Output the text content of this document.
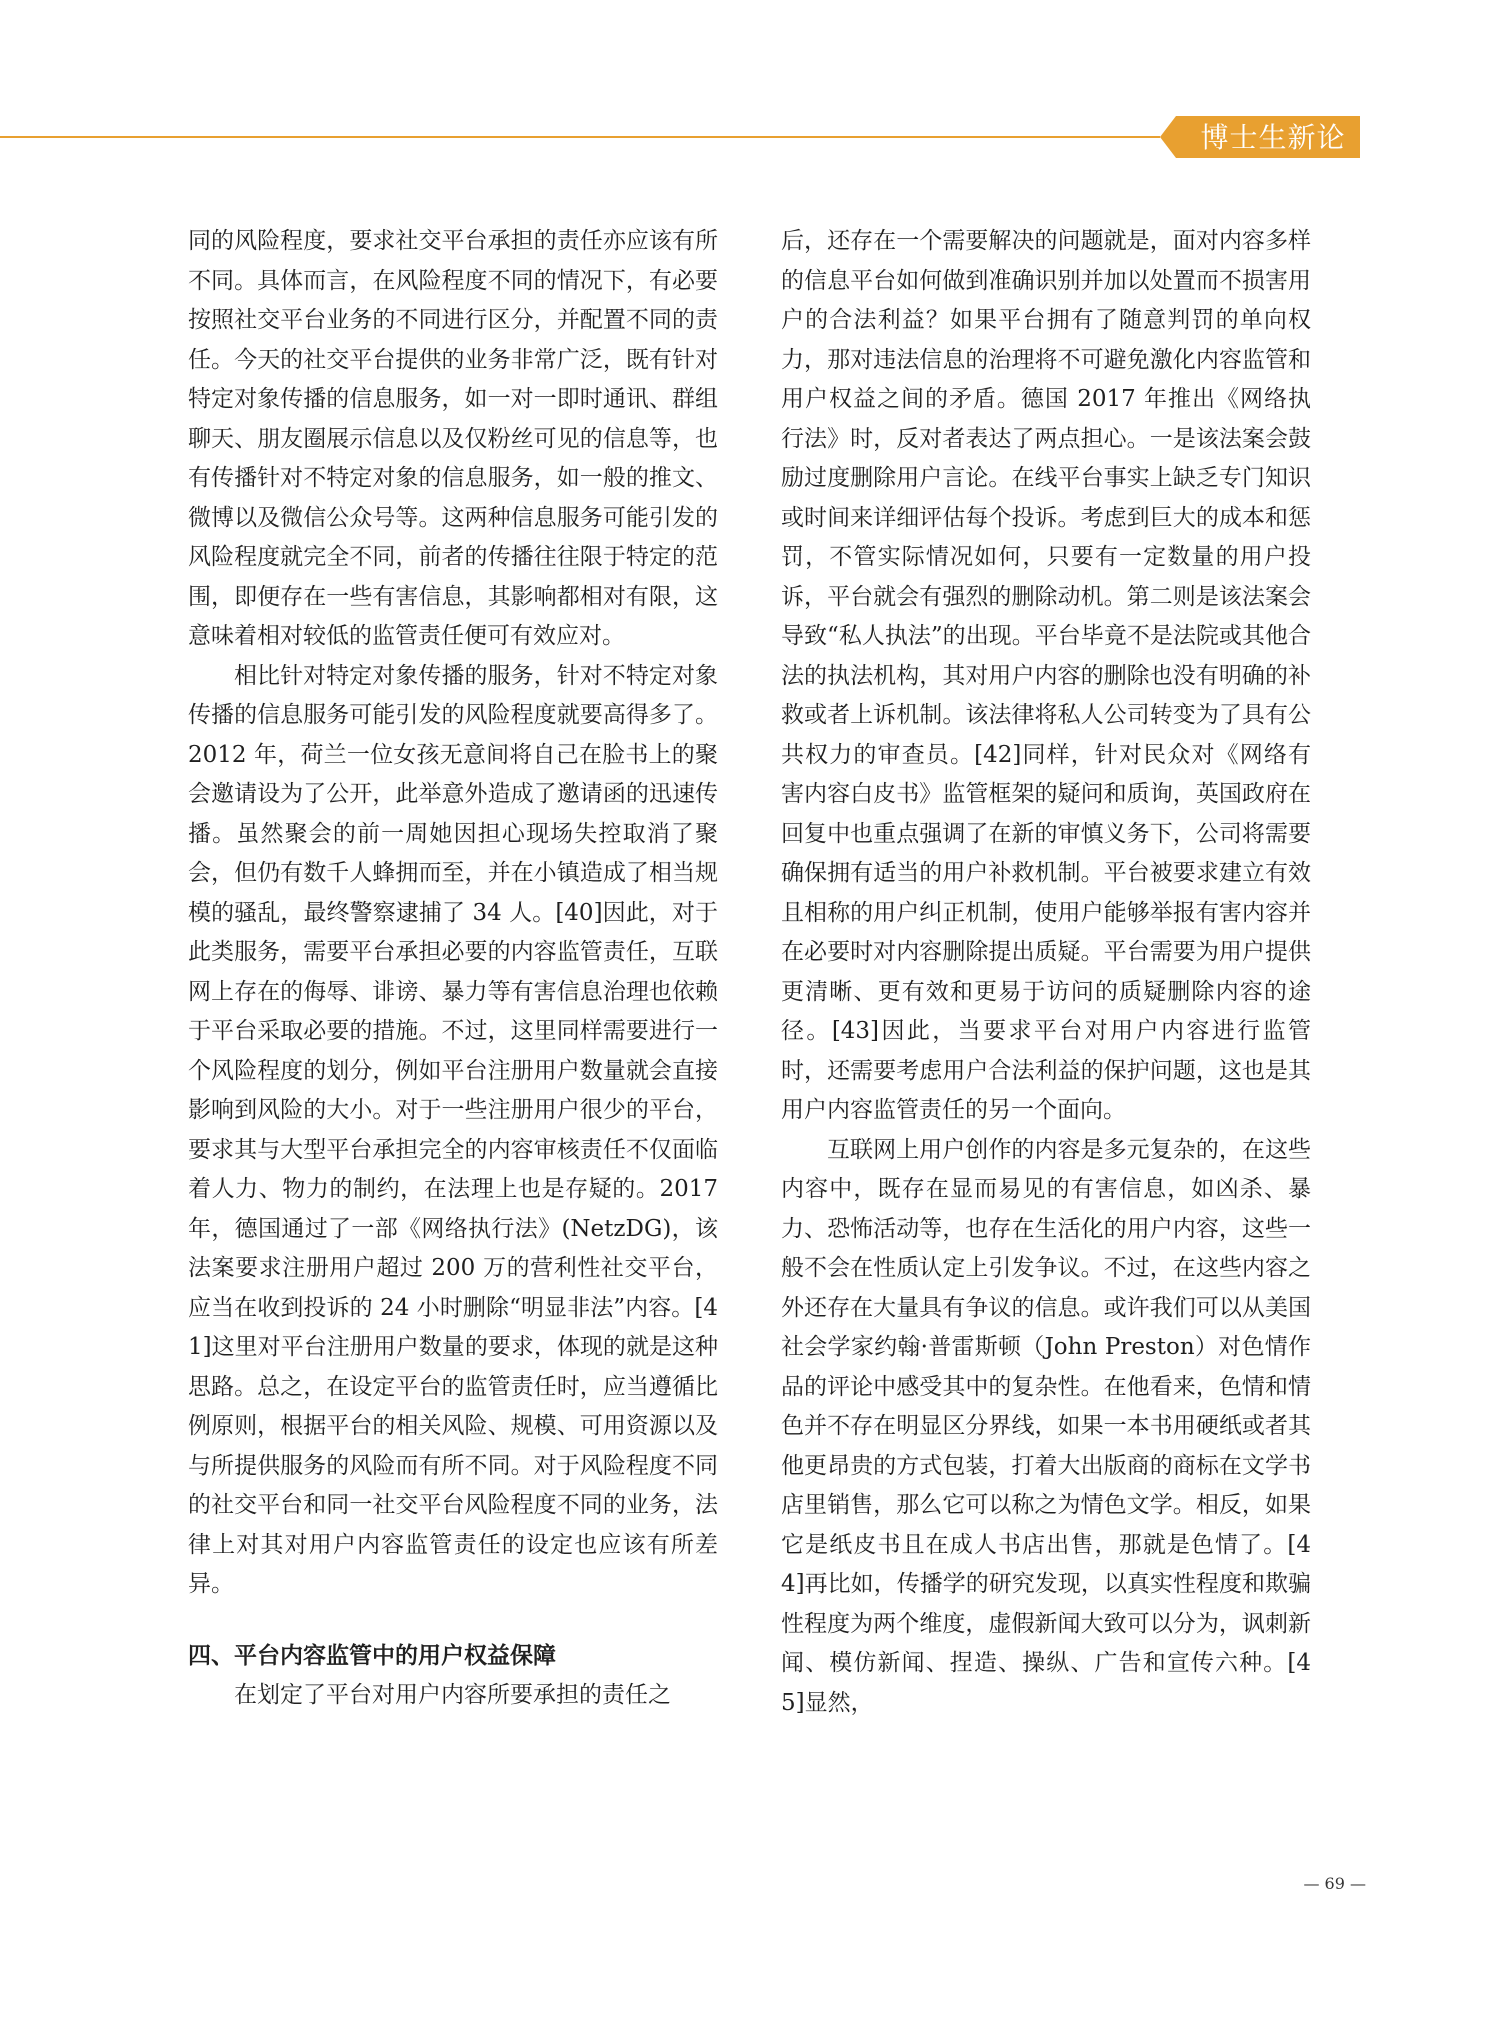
博士生新论

同的风险程度，要求社交平台承担的责任亦应该有所不同。具体而言，在风险程度不同的情况下，有必要按照社交平台业务的不同进行区分，并配置不同的责任。今天的社交平台提供的业务非常广泛，既有针对特定对象传播的信息服务，如一对一即时通讯、群组聊天、朋友圈展示信息以及仅粉丝可见的信息等，也有传播针对不特定对象的信息服务，如一般的推文、微博以及微信公众号等。这两种信息服务可能引发的风险程度就完全不同，前者的传播往往限于特定的范围，即便存在一些有害信息，其影响都相对有限，这意味着相对较低的监管责任便可有效应对。

相比针对特定对象传播的服务，针对不特定对象传播的信息服务可能引发的风险程度就要高得多了。2012 年，荷兰一位女孩无意间将自己在脸书上的聚会邀请设为了公开，此举意外造成了邀请函的迅速传播。虽然聚会的前一周她因担心现场失控取消了聚会，但仍有数千人蜂拥而至，并在小镇造成了相当规模的骚乱，最终警察逮捕了 34 人。[40]因此，对于此类服务，需要平台承担必要的内容监管责任，互联网上存在的侮辱、诽谤、暴力等有害信息治理也依赖于平台采取必要的措施。不过，这里同样需要进行一个风险程度的划分，例如平台注册用户数量就会直接影响到风险的大小。对于一些注册用户很少的平台，要求其与大型平台承担完全的内容审核责任不仅面临着人力、物力的制约，在法理上也是存疑的。2017 年，德国通过了一部《网络执行法》(NetzDG)，该法案要求注册用户超过 200 万的营利性社交平台，应当在收到投诉的 24 小时删除“明显非法”内容。[41]这里对平台注册用户数量的要求，体现的就是这种思路。总之，在设定平台的监管责任时，应当遵循比例原则，根据平台的相关风险、规模、可用资源以及与所提供服务的风险而有所不同。对于风险程度不同的社交平台和同一社交平台风险程度不同的业务，法律上对其对用户内容监管责任的设定也应该有所差异。

四、平台内容监管中的用户权益保障

在划定了平台对用户内容所要承担的责任之

后，还存在一个需要解决的问题就是，面对内容多样的信息平台如何做到准确识别并加以处置而不损害用户的合法利益？如果平台拥有了随意判罚的单向权力，那对违法信息的治理将不可避免激化内容监管和用户权益之间的矛盾。德国 2017 年推出《网络执行法》时，反对者表达了两点担心。一是该法案会鼓励过度删除用户言论。在线平台事实上缺乏专门知识或时间来详细评估每个投诉。考虑到巨大的成本和惩罚，不管实际情况如何，只要有一定数量的用户投诉，平台就会有强烈的删除动机。第二则是该法案会导致“私人执法”的出现。平台毕竟不是法院或其他合法的执法机构，其对用户内容的删除也没有明确的补救或者上诉机制。该法律将私人公司转变为了具有公共权力的审查员。[42]同样，针对民众对《网络有害内容白皮书》监管框架的疑问和质询，英国政府在回复中也重点强调了在新的审慎义务下，公司将需要确保拥有适当的用户补救机制。平台被要求建立有效且相称的用户纠正机制，使用户能够举报有害内容并在必要时对内容删除提出质疑。平台需要为用户提供更清晰、更有效和更易于访问的质疑删除内容的途径。[43]因此，当要求平台对用户内容进行监管时，还需要考虑用户合法利益的保护问题，这也是其用户内容监管责任的另一个面向。

互联网上用户创作的内容是多元复杂的，在这些内容中，既存在显而易见的有害信息，如凶杀、暴力、恐怖活动等，也存在生活化的用户内容，这些一般不会在性质认定上引发争议。不过，在这些内容之外还存在大量具有争议的信息。或许我们可以从美国社会学家约翰·普雷斯顿（John Preston）对色情作品的评论中感受其中的复杂性。在他看来，色情和情色并不存在明显区分界线，如果一本书用硬纸或者其他更昂贵的方式包装，打着大出版商的商标在文学书店里销售，那么它可以称之为情色文学。相反，如果它是纸皮书且在成人书店出售，那就是色情了。[44]再比如，传播学的研究发现，以真实性程度和欺骗性程度为两个维度，虚假新闻大致可以分为，讽刺新闻、模仿新闻、捏造、操纵、广告和宣传六种。[45]显然，

— 69 —
